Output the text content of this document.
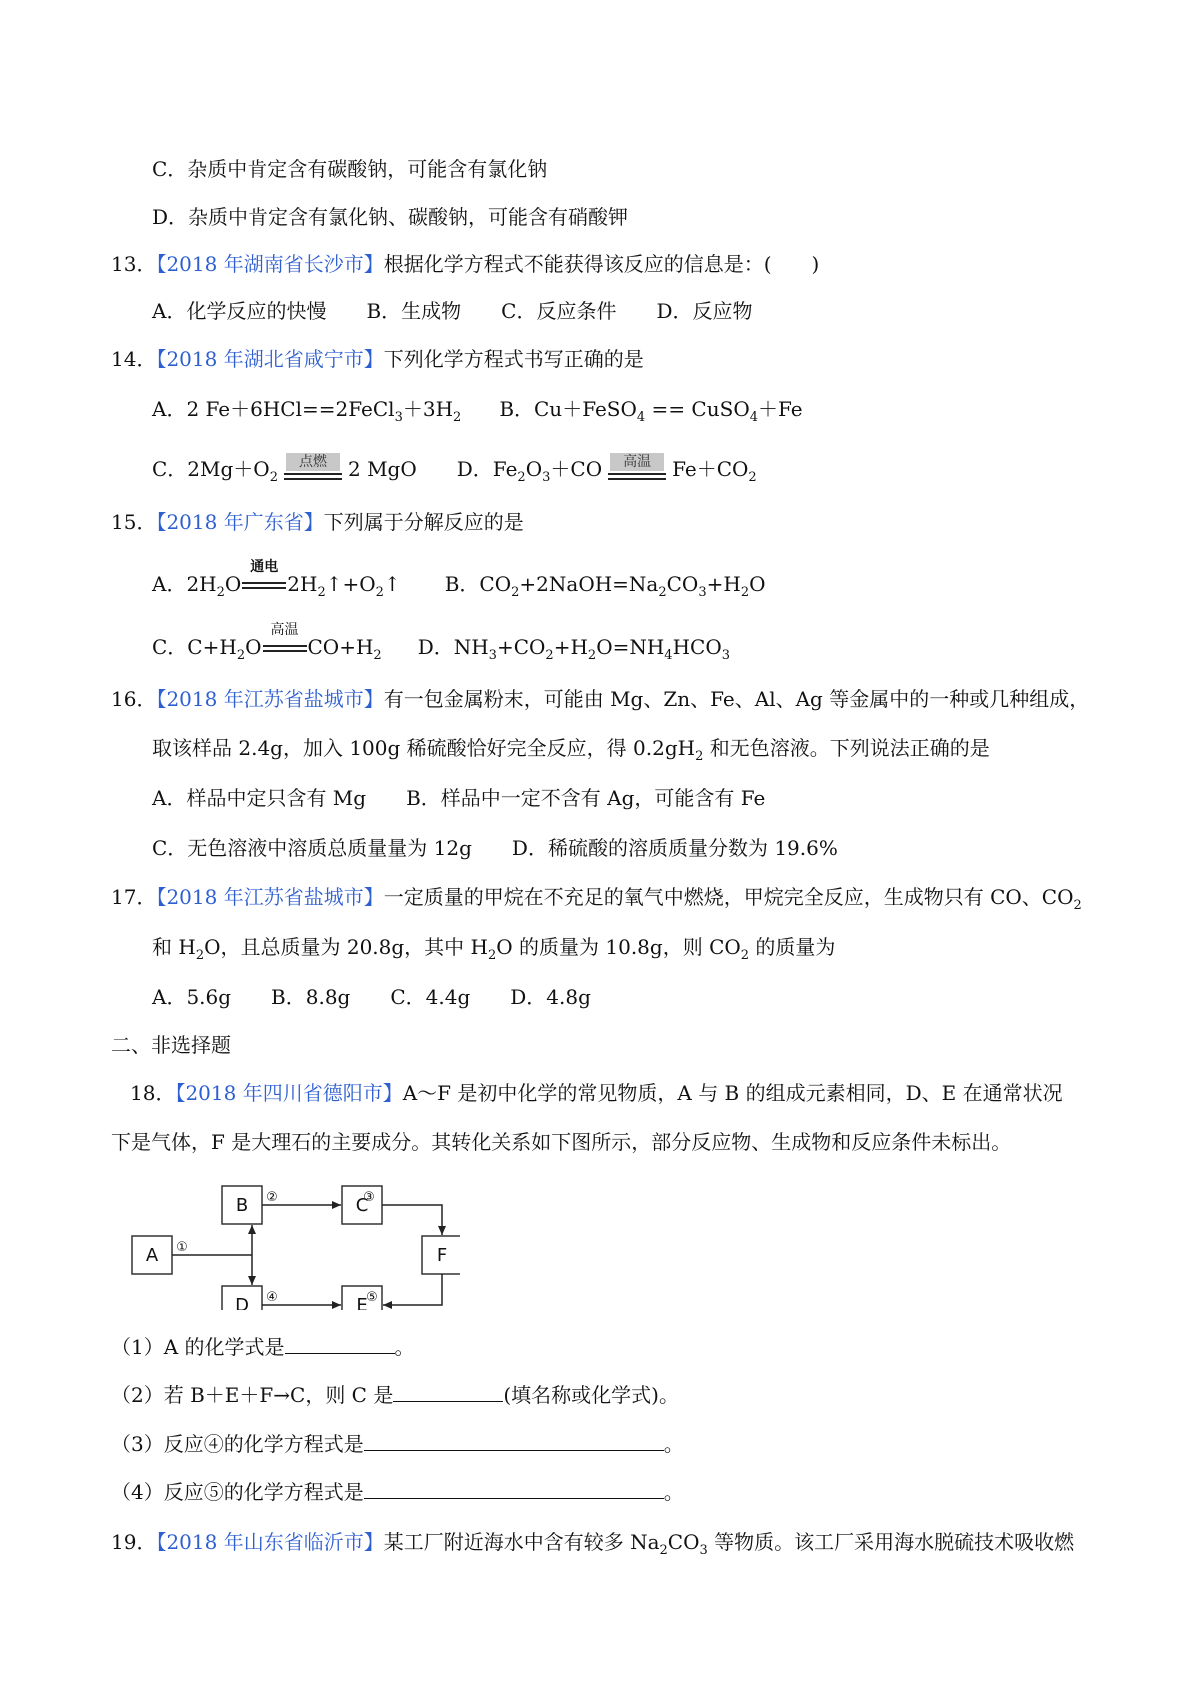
C．杂质中肯定含有碳酸钠，可能含有氯化钠
D．杂质中肯定含有氯化钠、碳酸钠，可能含有硝酸钾
13．【2018 年湖南省长沙市】根据化学方程式不能获得该反应的信息是：(　　)
A．化学反应的快慢　　B．生成物　　C．反应条件　　D．反应物
14．【2018 年湖北省咸宁市】下列化学方程式书写正确的是
A．2 $Fe+6HCl==2FeCl_3+3H_2$ B．Cu＋FeSO$_4$ == CuSO$_4$＋Fe
C．$2Mg+O_2$
点燃	2 MgO D．$Fe_2O_3+CO$	高温	$Fe+CO_2$
15．【2018 年广东省】下列属于分解反应的是
A．$2H_2O$
通电
$2H_2↑+O_2↑$ B．$CO_2+2NaOH=Na_2CO_3+H_2O$
C．$C+H_2O$
高温
$CO+H_2$ D．$NH_3+CO_2+H_2O=NH_4HCO_3$
16．【2018 年江苏省盐城市】有一包金属粉末，可能由 Mg、Zn、Fe、Al、Ag 等金属中的一种或几种组成，
取该样品 2.4g，加入 100g 稀硫酸恰好完全反应，得 $0.2gH_2$ 和无色溶液。下列说法正确的是
A．样品中定只含有 Mg B．样品中一定不含有 Ag，可能含有 Fe
C．无色溶液中溶质总质量量为 12g D．稀硫酸的溶质质量分数为 19.6%
17．【2018 年江苏省盐城市】一定质量的甲烷在不充足的氧气中燃烧，甲烷完全反应，生成物只有 CO、$CO_2$
和 $H_2O$，且总质量为 20.8g，其中 $H_2O$ 的质量为 10.8g，则 $CO_2$ 的质量为
A．5.6g　　B．8.8g　　C．4.4g　　D．4.8g
二、非选择题
18．【2018 年四川省德阳市】A～F 是初中化学的常见物质，A 与 B 的组成元素相同，D、E 在通常状况
下是气体，F 是大理石的主要成分。其转化关系如下图所示，部分反应物、生成物和反应条件未标出。
A
B	C
D	E
F
①
②	③
④	⑤
（1）A 的化学式是	。
（2）若 B＋E＋F→C，则 C 是	(填名称或化学式)。
（3）反应④的化学方程式是	。
（4）反应⑤的化学方程式是	。
19．【2018 年山东省临沂市】某工厂附近海水中含有较多 $Na_2CO_3$ 等物质。该工厂采用海水脱硫技术吸收燃
